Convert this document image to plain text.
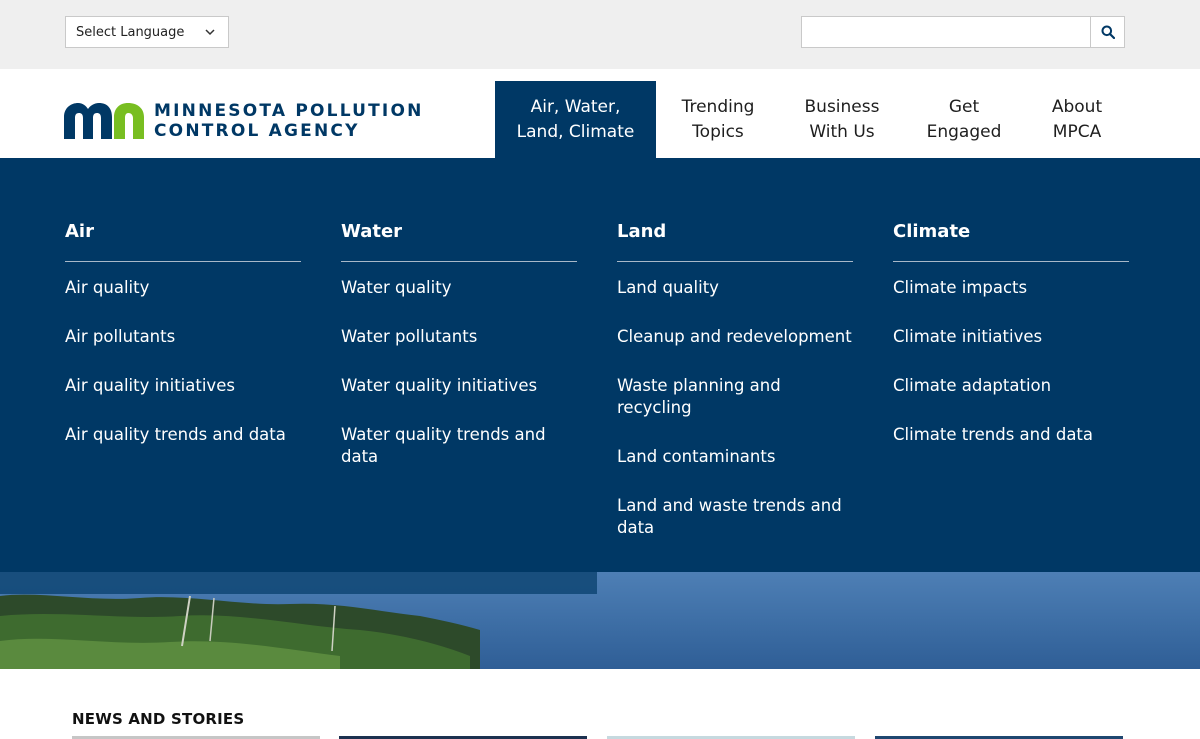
Select Language
MINNESOTA POLLUTION
CONTROL AGENCY
Air, Water,
Land, Climate
Trending
Topics
Business
With Us
Get
Engaged
About
MPCA
Air
Air quality
Air pollutants
Air quality initiatives
Air quality trends and data
Water
Water quality
Water pollutants
Water quality initiatives
Water quality trends and data
Land
Land quality
Cleanup and redevelopment
Waste planning and recycling
Land contaminants
Land and waste trends and data
Climate
Climate impacts
Climate initiatives
Climate adaptation
Climate trends and data
NEWS AND STORIES
